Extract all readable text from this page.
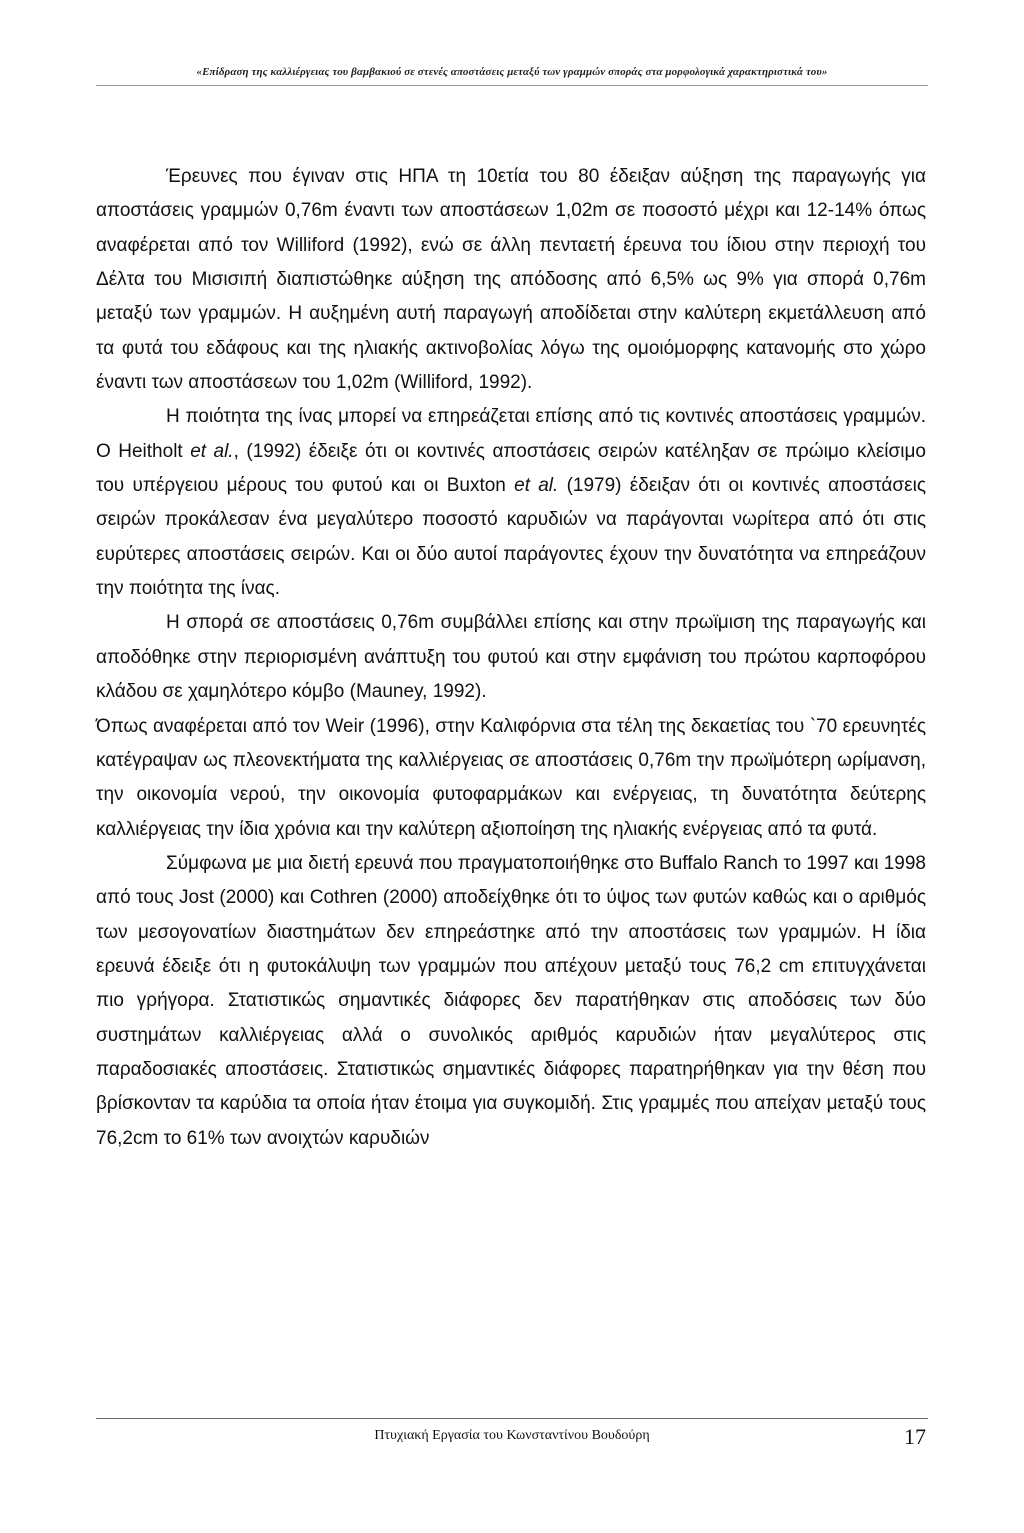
«Επίδραση της καλλιέργειας του βαμβακιού σε στενές αποστάσεις μεταξύ των γραμμών σποράς στα μορφολογικά χαρακτηριστικά του»

Έρευνες που έγιναν στις ΗΠΑ τη 10ετία του 80 έδειξαν αύξηση της παραγωγής για αποστάσεις γραμμών 0,76m έναντι των αποστάσεων 1,02m σε ποσοστό μέχρι και 12-14% όπως αναφέρεται από τον Williford (1992), ενώ σε άλλη πενταετή έρευνα του ίδιου στην περιοχή του Δέλτα του Μισισιπή διαπιστώθηκε αύξηση της απόδοσης από 6,5% ως 9% για σπορά 0,76m μεταξύ των γραμμών. Η αυξημένη αυτή παραγωγή αποδίδεται στην καλύτερη εκμετάλλευση από τα φυτά του εδάφους και της ηλιακής ακτινοβολίας λόγω της ομοιόμορφης κατανομής στο χώρο έναντι των αποστάσεων του 1,02m (Williford, 1992).

Η ποιότητα της ίνας μπορεί να επηρεάζεται επίσης από τις κοντινές αποστάσεις γραμμών. Ο Heitholt et al., (1992) έδειξε ότι οι κοντινές αποστάσεις σειρών κατέληξαν σε πρώιμο κλείσιμο του υπέργειου μέρους του φυτού και οι Buxton et al. (1979) έδειξαν ότι οι κοντινές αποστάσεις σειρών προκάλεσαν ένα μεγαλύτερο ποσοστό καρυδιών να παράγονται νωρίτερα από ότι στις ευρύτερες αποστάσεις σειρών. Και οι δύο αυτοί παράγοντες έχουν την δυνατότητα να επηρεάζουν την ποιότητα της ίνας.

Η σπορά σε αποστάσεις 0,76m συμβάλλει επίσης και στην πρωϊμιση της παραγωγής και αποδόθηκε στην περιορισμένη ανάπτυξη του φυτού και στην εμφάνιση του πρώτου καρποφόρου κλάδου σε χαμηλότερο κόμβο (Mauney, 1992).

Όπως αναφέρεται από τον Weir (1996), στην Καλιφόρνια στα τέλη της δεκαετίας του `70 ερευνητές κατέγραψαν ως πλεονεκτήματα της καλλιέργειας σε αποστάσεις 0,76m την πρωϊμότερη ωρίμανση, την οικονομία νερού, την οικονομία φυτοφαρμάκων και ενέργειας, τη δυνατότητα δεύτερης καλλιέργειας την ίδια χρόνια και την καλύτερη αξιοποίηση της ηλιακής ενέργειας από τα φυτά.

Σύμφωνα με μια διετή ερευνά που πραγματοποιήθηκε στο Buffalo Ranch το 1997 και 1998 από τους Jost (2000) και Cothren (2000) αποδείχθηκε ότι το ύψος των φυτών καθώς και ο αριθμός των μεσογονατίων διαστημάτων δεν επηρεάστηκε από την αποστάσεις των γραμμών. Η ίδια ερευνά έδειξε ότι η φυτοκάλυψη των γραμμών που απέχουν μεταξύ τους 76,2 cm επιτυγχάνεται πιο γρήγορα. Στατιστικώς σημαντικές διάφορες δεν παρατήθηκαν στις αποδόσεις των δύο συστημάτων καλλιέργειας αλλά ο συνολικός αριθμός καρυδιών ήταν μεγαλύτερος στις παραδοσιακές αποστάσεις. Στατιστικώς σημαντικές διάφορες παρατηρήθηκαν για την θέση που βρίσκονταν τα καρύδια τα οποία ήταν έτοιμα για συγκομιδή. Στις γραμμές που απείχαν μεταξύ τους 76,2cm το 61% των ανοιχτών καρυδιών

Πτυχιακή Εργασία του Κωνσταντίνου Βουδούρη	17
